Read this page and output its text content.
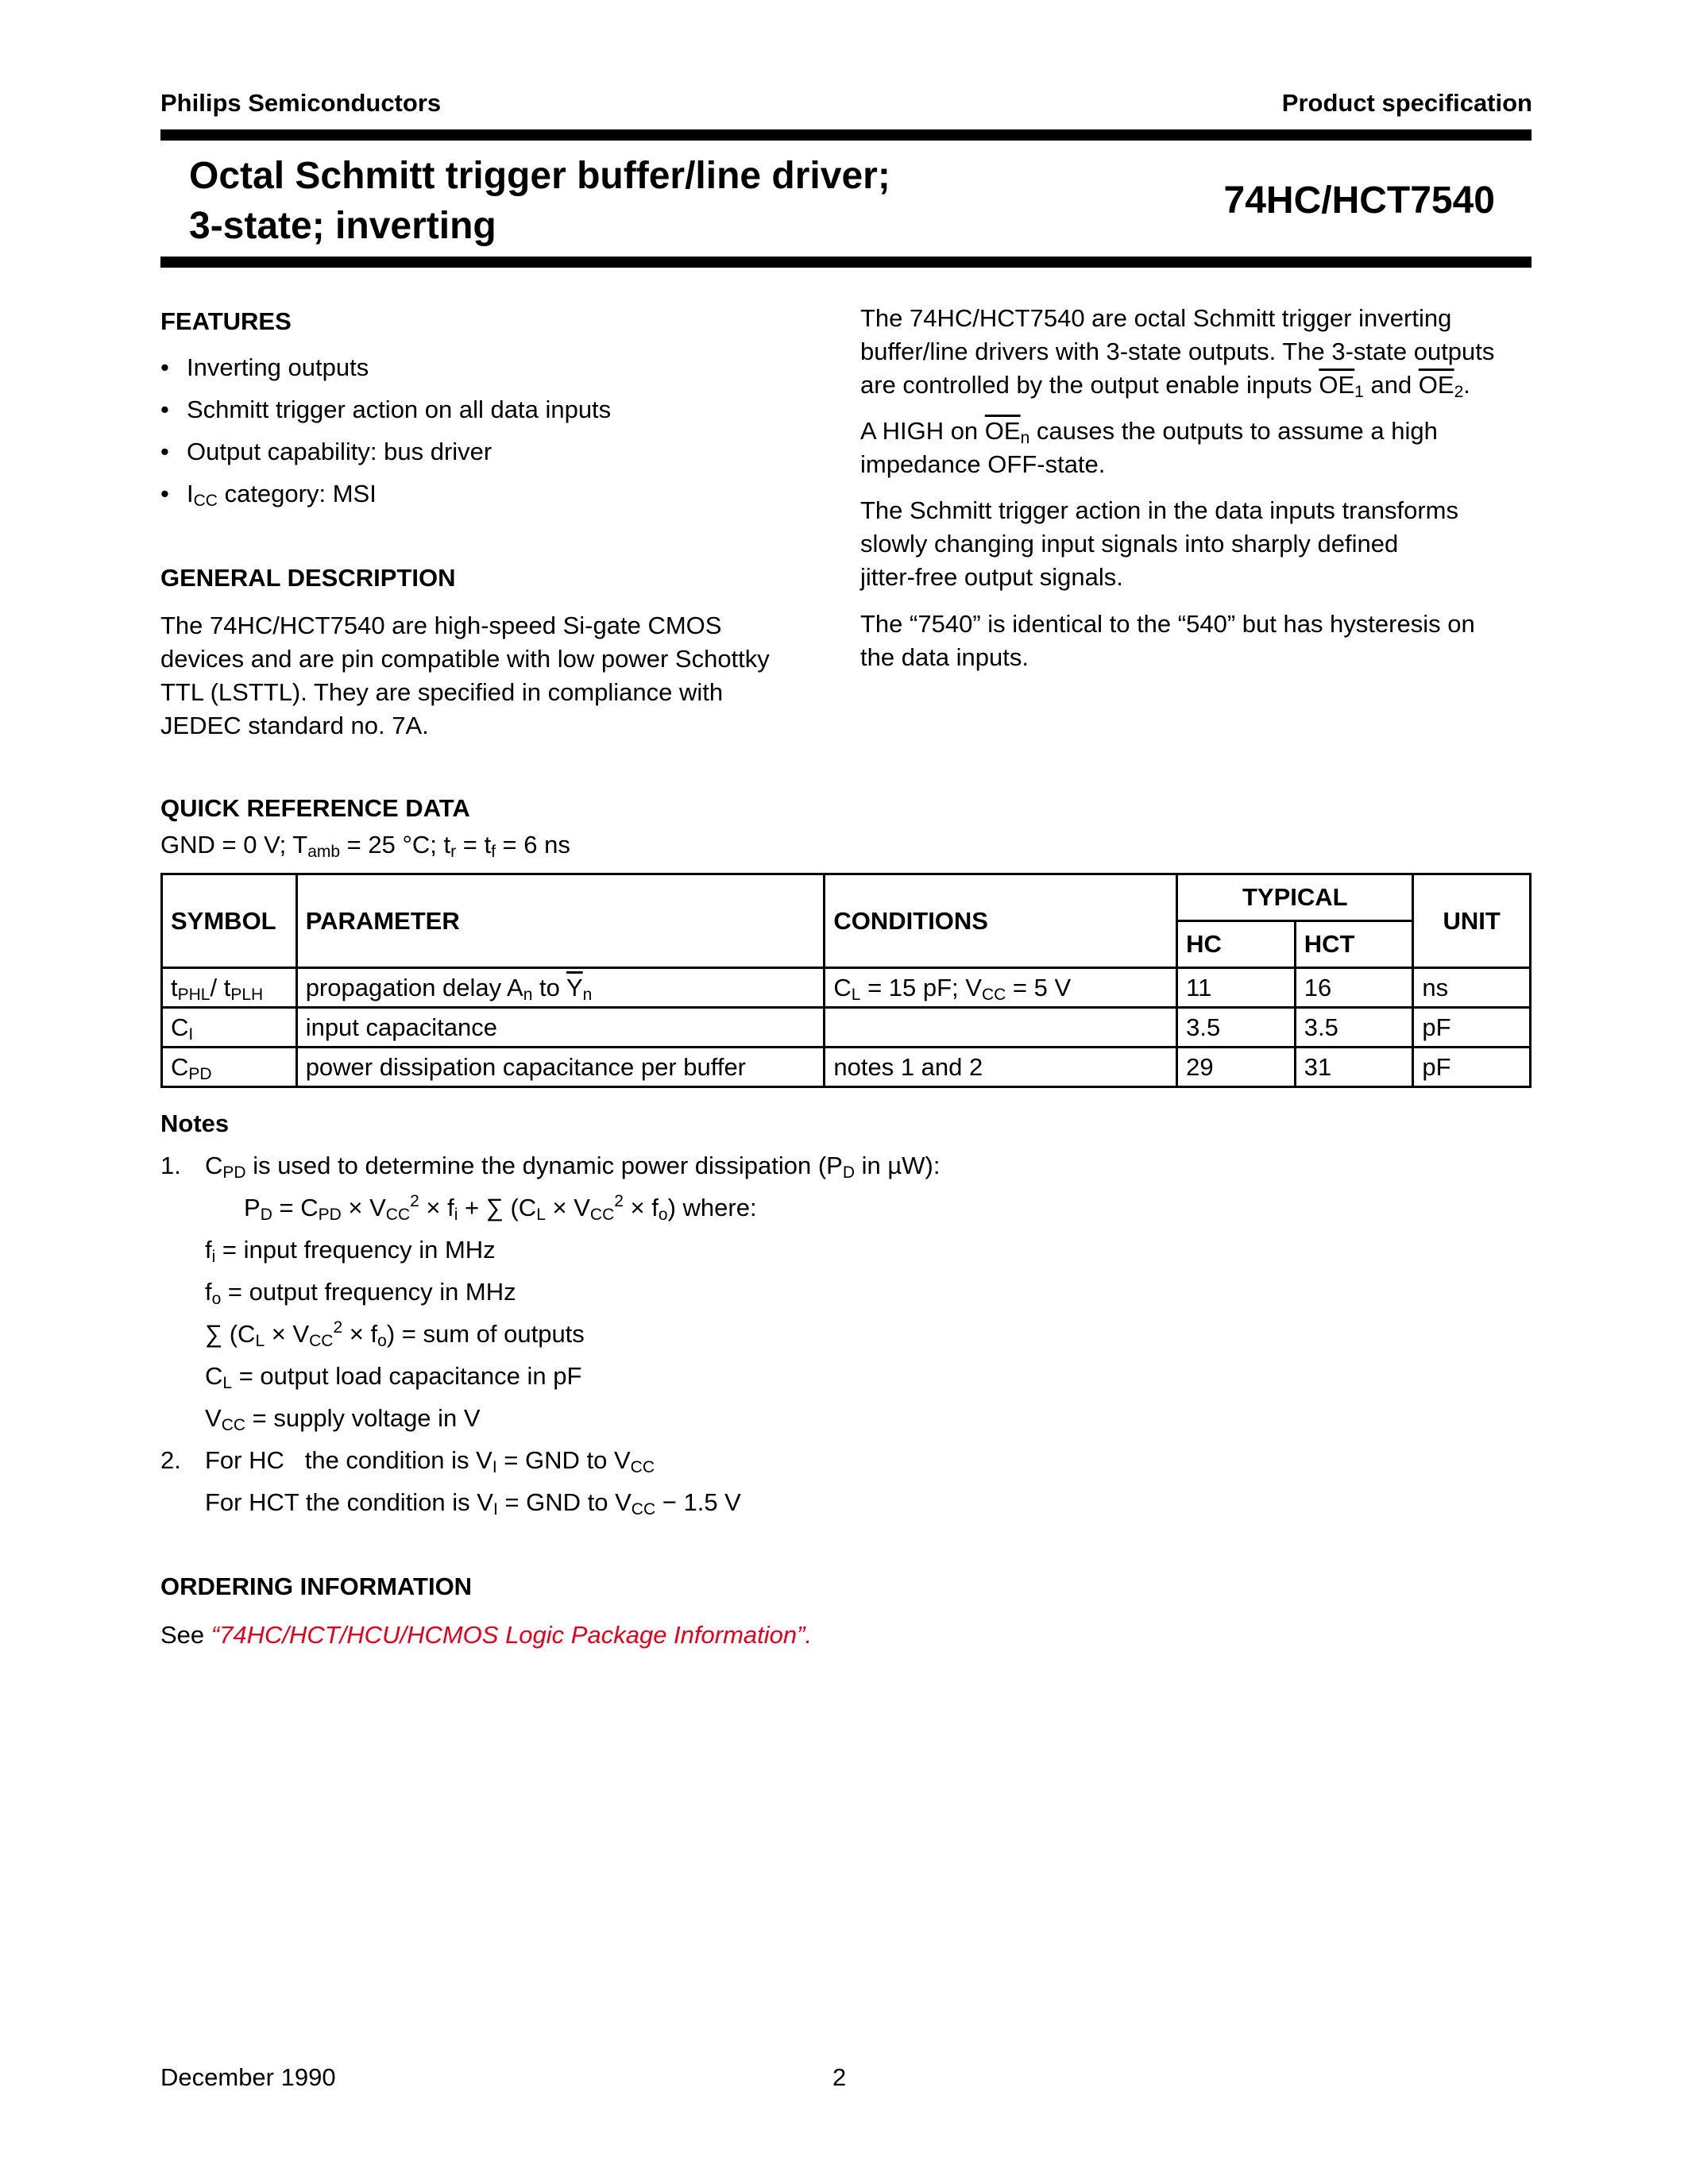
Philips Semiconductors	Product specification
Octal Schmitt trigger buffer/line driver;
3-state; inverting
74HC/HCT7540
FEATURES
• Inverting outputs
• Schmitt trigger action on all data inputs
• Output capability: bus driver
• $I_{CC}$ category: MSI
GENERAL DESCRIPTION
The 74HC/HCT7540 are high-speed Si-gate CMOS
devices and are pin compatible with low power Schottky
TTL (LSTTL). They are specified in compliance with
JEDEC standard no. 7A.
The 74HC/HCT7540 are octal Schmitt trigger inverting
buffer/line drivers with 3-state outputs. The 3-state outputs
are controlled by the output enable inputs $\overline{OE}_1$ and $\overline{OE}_2$.
A HIGH on $\overline{OE}_n$ causes the outputs to assume a high
impedance OFF-state.
The Schmitt trigger action in the data inputs transforms
slowly changing input signals into sharply defined
jitter-free output signals.
The “7540” is identical to the “540” but has hysteresis on
the data inputs.
QUICK REFERENCE DATA
GND = 0 V; $T_{amb} = 25$ °C; $t_r = t_f = 6$ ns
SYMBOL	PARAMETER	CONDITIONS	TYPICAL		UNIT
			HC	HCT	
$t_{PHL}/$ $t_{PLH}$	propagation delay $A_n$ to $\overline{Y}_n$	$C_L = 15$ pF; $V_{CC} = 5$ V	11	16	ns
$C_I$	input capacitance		3.5	3.5	pF
$C_{PD}$	power dissipation capacitance per buffer	notes 1 and 2	29	31	pF
Notes
1. $C_{PD}$ is used to determine the dynamic power dissipation ($P_D$ in µW):
$P_D = C_{PD} \times V_{CC}^2 \times f_i$ + ∑ $(C_L \times V_{CC}^2 \times f_o)$ where:
$f_i$ = input frequency in MHz
$f_o$ = output frequency in MHz
∑ $(C_L \times V_{CC}^2 \times f_o)$ = sum of outputs
$C_L$ = output load capacitance in pF
$V_{CC}$ = supply voltage in V
2. For HC   the condition is $V_I$ = GND to $V_{CC}$
For HCT the condition is $V_I$ = GND to $V_{CC} - 1.5$ V
ORDERING INFORMATION
See “74HC/HCT/HCU/HCMOS Logic Package Information”.
December 1990	2
